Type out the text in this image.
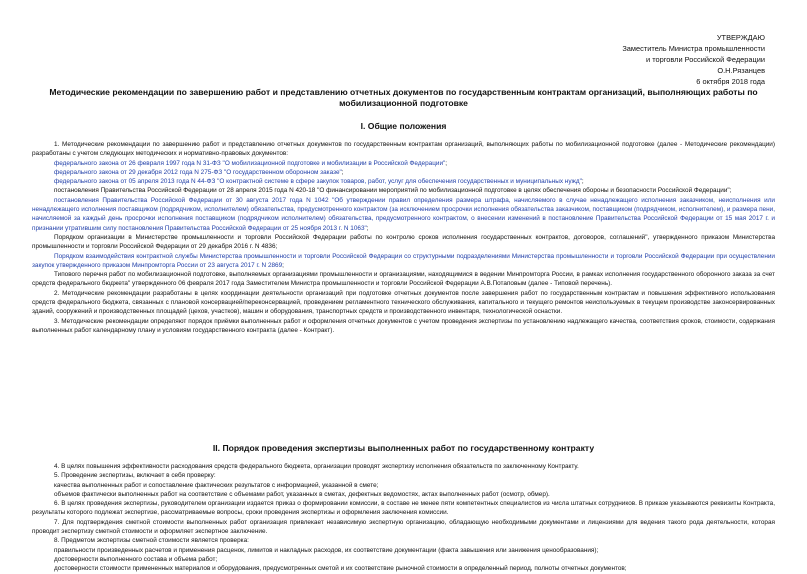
УТВЕРЖДАЮ
Заместитель Министра промышленности
и торговли Российской Федерации
О.Н.Рязанцев
6 октября 2018 года
Методические рекомендации по завершению работ и представлению отчетных документов по государственным контрактам организаций, выполняющих работы по мобилизационной подготовке
I. Общие положения

1. Методические рекомендации по завершению работ и представлению отчетных документов по государственным контрактам организаций, выполняющих работы по мобилизационной подготовке (далее - Методические рекомендации) разработаны с учетом следующих методических и нормативно-правовых документов:

федерального закона от 26 февраля 1997 года N 31-ФЗ "О мобилизационной подготовке и мобилизации в Российской Федерации";

федерального закона от 29 декабря 2012 года N 275-ФЗ "О государственном оборонном заказе";

федерального закона от 05 апреля 2013 года N 44-ФЗ "О контрактной системе в сфере закупок товаров, работ, услуг для обеспечения государственных и муниципальных нужд";

постановления Правительства Российской Федерации от 28 апреля 2015 года N 420-18 "О финансировании мероприятий по мобилизационной подготовке в целях обеспечения обороны и безопасности Российской Федерации";

постановления Правительства Российской Федерации от 30 августа 2017 года N 1042 "Об утверждении правил определения размера штрафа, начисляемого в случае ненадлежащего исполнения заказчиком, неисполнения или ненадлежащего исполнения поставщиком (подрядчиком, исполнителем) обязательства, предусмотренного контрактом (за исключением просрочки исполнения обязательства заказчиком, поставщиком (подрядчиком, исполнителем), и размера пени, начисляемой за каждый день просрочки исполнения поставщиком (подрядчиком исполнителем) обязательства, предусмотренного контрактом, о внесении изменений в постановление Правительства Российской Федерации от 15 мая 2017 г. и признании утратившим силу постановления Правительства Российской Федерации от 25 ноября 2013 г. N 1063";

Порядком организации в Министерстве промышленности и торговли Российской Федерации работы по контролю сроков исполнения государственных контрактов, договоров, соглашений", утвержденного приказом Министерства промышленности и торговли Российской Федерации от 29 декабря 2016 г. N 4836;

Порядком взаимодействия контрактной службы Министерства промышленности и торговли Российской Федерации со структурными подразделениями Министерства промышленности и торговли Российской Федерации при осуществлении закупок утвержденного приказом Минпромторга России от 23 августа 2017 г. N 2869;

Типового перечня работ по мобилизационной подготовке, выполняемых организациями промышленности и организациями, находящимися в ведении Минпромторга России, в рамках исполнения государственного оборонного заказа за счет средств федерального бюджета" утвержденного 06 февраля 2017 года Заместителем Министра промышленности и торговли Российской Федерации А.В.Потаповым (далее - Типовой перечень).

2. Методические рекомендации разработаны в целях координации деятельности организаций при подготовке отчетных документов после завершения работ по государственным контрактам и повышения эффективного использования средств федерального бюджета, связанных с плановой консервацией/переконсервацией, проведением регламентного технического обслуживания, капитального и текущего ремонтов неиспользуемых в текущем производстве законсервированных зданий, сооружений и производственных площадей (цехов, участков), машин и оборудования, транспортных средств и производственного инвентаря, технологической оснастки.

3. Методические рекомендации определяют порядок приёмки выполненных работ и оформления отчетных документов с учетом проведения экспертизы по установлению надлежащего качества, соответствия сроков, стоимости, содержания выполненных работ календарному плану и условиям государственного контракта (далее - Контракт).

II. Порядок проведения экспертизы выполненных работ по государственному контракту

4. В целях повышения эффективности расходования средств федерального бюджета, организации проводят экспертизу исполнения обязательств по заключенному Контракту.

5. Проведение экспертизы, включает в себя проверку:

качества выполненных работ и сопоставление фактических результатов с информацией, указанной в смете;

объемов фактически выполненных работ на соответствие с объемами работ, указанных в сметах, дефектных ведомостях, актах выполненных работ (осмотр, обмер).

6. В целях проведения экспертизы, руководителем организации издается приказ о формировании комиссии, в составе не менее пяти компетентных специалистов из числа штатных сотрудников. В приказе указываются реквизиты Контракта, результаты которого подлежат экспертизе, рассматриваемые вопросы, сроки проведения экспертизы и оформления заключения комиссии.

7. Для подтверждения сметной стоимости выполненных работ организация привлекает независимую экспертную организацию, обладающую необходимыми документами и лицензиями для ведения такого рода деятельности, которая проводит экспертизу сметной стоимости и оформляет экспертное заключение.

8. Предметом экспертизы сметной стоимости является проверка:

правильности произведенных расчетов и применения расценок, лимитов и накладных расходов, их соответствие документации (факта завышения или занижения ценообразования);

достоверности выполненного состава и объема работ;

достоверности стоимости примененных материалов и оборудования, предусмотренных сметой и их соответствие рыночной стоимости в определенный период, полноты отчетных документов;
